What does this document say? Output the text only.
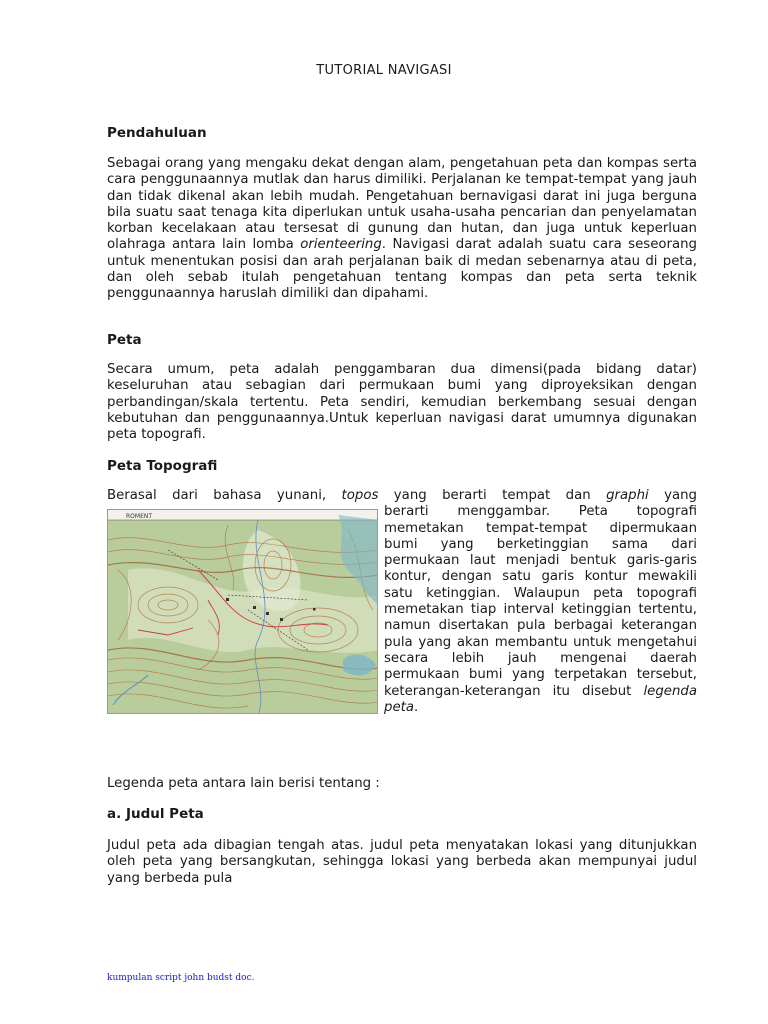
TUTORIAL NAVIGASI
Pendahuluan
Sebagai orang yang mengaku dekat dengan alam, pengetahuan peta dan kompas serta cara penggunaannya mutlak dan harus dimiliki. Perjalanan ke tempat-tempat yang jauh dan tidak dikenal akan lebih mudah. Pengetahuan bernavigasi darat ini juga berguna bila suatu saat tenaga kita diperlukan untuk usaha-usaha pencarian dan penyelamatan korban kecelakaan atau tersesat di gunung dan hutan, dan juga untuk keperluan olahraga antara lain lomba orienteering. Navigasi darat adalah suatu cara seseorang untuk menentukan posisi dan arah perjalanan baik di medan sebenarnya atau di peta, dan oleh sebab itulah pengetahuan tentang kompas dan peta serta teknik penggunaannya haruslah dimiliki dan dipahami.
Peta
Secara umum, peta adalah penggambaran dua dimensi(pada bidang datar) keseluruhan atau sebagian dari permukaan bumi yang diproyeksikan dengan perbandingan/skala tertentu. Peta sendiri, kemudian berkembang sesuai dengan kebutuhan dan penggunaannya.Untuk keperluan navigasi darat umumnya digunakan peta topografi.
Peta Topografi
Berasal dari bahasa yunani, topos yang berarti tempat dan graphi yang
berarti menggambar. Peta topografi memetakan tempat-tempat dipermukaan bumi yang berketinggian sama dari permukaan laut menjadi bentuk garis-garis kontur, dengan satu garis kontur mewakili satu ketinggian. Walaupun peta topografi memetakan tiap interval ketinggian tertentu, namun disertakan pula berbagai keterangan pula yang akan membantu untuk mengetahui secara lebih jauh mengenai daerah permukaan bumi yang terpetakan tersebut, keterangan-keterangan itu disebut legenda peta.
ROMENT
Legenda peta antara lain berisi tentang :
a. Judul Peta
Judul peta ada dibagian tengah atas. judul peta menyatakan lokasi yang ditunjukkan oleh peta yang bersangkutan, sehingga lokasi yang berbeda akan mempunyai judul yang berbeda pula
kumpulan script john budst doc.
